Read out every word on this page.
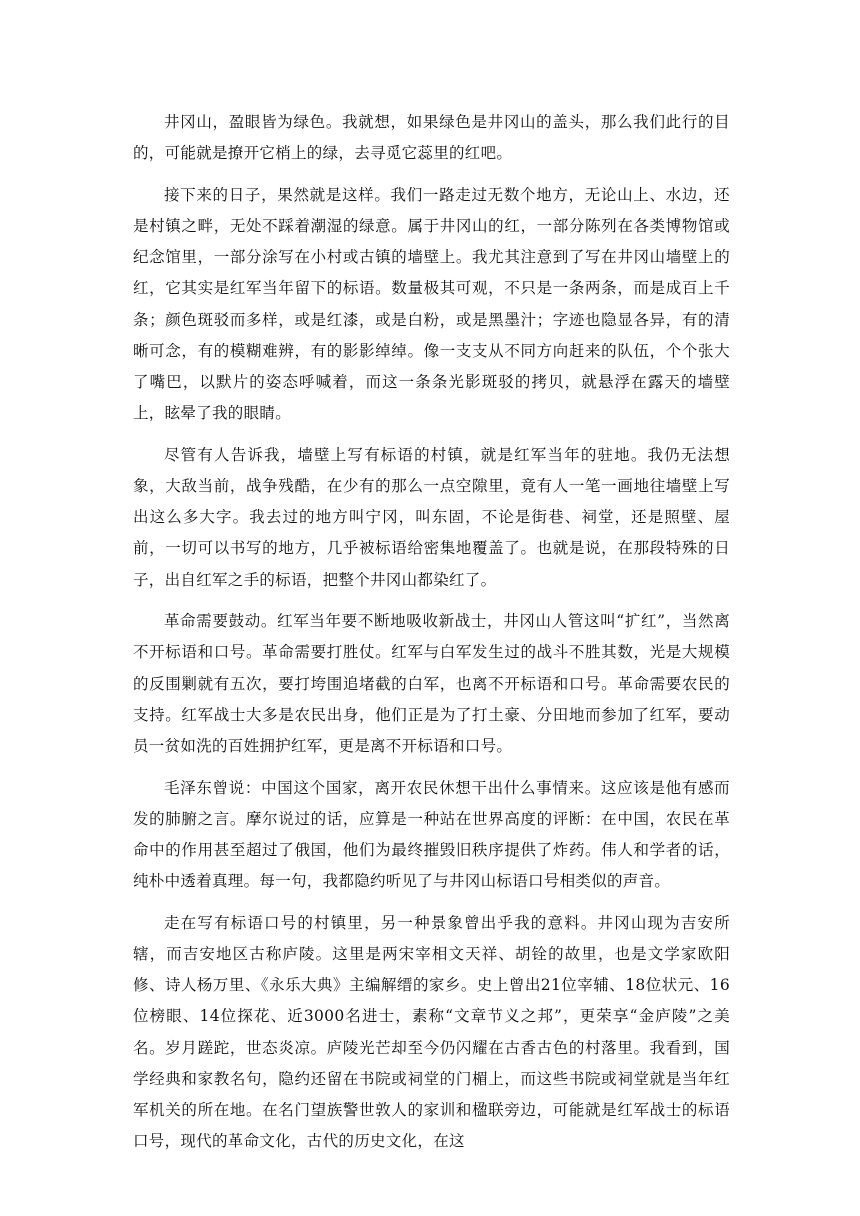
井冈山，盈眼皆为绿色。我就想，如果绿色是井冈山的盖头，那么我们此行的目的，可能就是撩开它梢上的绿，去寻觅它蕊里的红吧。

接下来的日子，果然就是这样。我们一路走过无数个地方，无论山上、水边，还是村镇之畔，无处不踩着潮湿的绿意。属于井冈山的红，一部分陈列在各类博物馆或纪念馆里，一部分涂写在小村或古镇的墙壁上。我尤其注意到了写在井冈山墙壁上的红，它其实是红军当年留下的标语。数量极其可观，不只是一条两条，而是成百上千条；颜色斑驳而多样，或是红漆，或是白粉，或是黑墨汁；字迹也隐显各异，有的清晰可念，有的模糊难辨，有的影影绰绰。像一支支从不同方向赶来的队伍，个个张大了嘴巴，以默片的姿态呼喊着，而这一条条光影斑驳的拷贝，就悬浮在露天的墙壁上，眩晕了我的眼睛。

尽管有人告诉我，墙壁上写有标语的村镇，就是红军当年的驻地。我仍无法想象，大敌当前，战争残酷，在少有的那么一点空隙里，竟有人一笔一画地往墙壁上写出这么多大字。我去过的地方叫宁冈，叫东固，不论是街巷、祠堂，还是照壁、屋前，一切可以书写的地方，几乎被标语给密集地覆盖了。也就是说，在那段特殊的日子，出自红军之手的标语，把整个井冈山都染红了。

革命需要鼓动。红军当年要不断地吸收新战士，井冈山人管这叫“扩红”，当然离不开标语和口号。革命需要打胜仗。红军与白军发生过的战斗不胜其数，光是大规模的反围剿就有五次，要打垮围追堵截的白军，也离不开标语和口号。革命需要农民的支持。红军战士大多是农民出身，他们正是为了打土豪、分田地而参加了红军，要动员一贫如洗的百姓拥护红军，更是离不开标语和口号。

毛泽东曾说：中国这个国家，离开农民休想干出什么事情来。这应该是他有感而发的肺腑之言。摩尔说过的话，应算是一种站在世界高度的评断：在中国，农民在革命中的作用甚至超过了俄国，他们为最终摧毁旧秩序提供了炸药。伟人和学者的话，纯朴中透着真理。每一句，我都隐约听见了与井冈山标语口号相类似的声音。

走在写有标语口号的村镇里，另一种景象曾出乎我的意料。井冈山现为吉安所辖，而吉安地区古称庐陵。这里是两宋宰相文天祥、胡铨的故里，也是文学家欧阳修、诗人杨万里、《永乐大典》主编解缙的家乡。史上曾出21位宰辅、18位状元、16位榜眼、14位探花、近3000名进士，素称“文章节义之邦”，更荣享“金庐陵”之美名。岁月蹉跎，世态炎凉。庐陵光芒却至今仍闪耀在古香古色的村落里。我看到，国学经典和家教名句，隐约还留在书院或祠堂的门楣上，而这些书院或祠堂就是当年红军机关的所在地。在名门望族警世敦人的家训和楹联旁边，可能就是红军战士的标语口号，现代的革命文化，古代的历史文化，在这
